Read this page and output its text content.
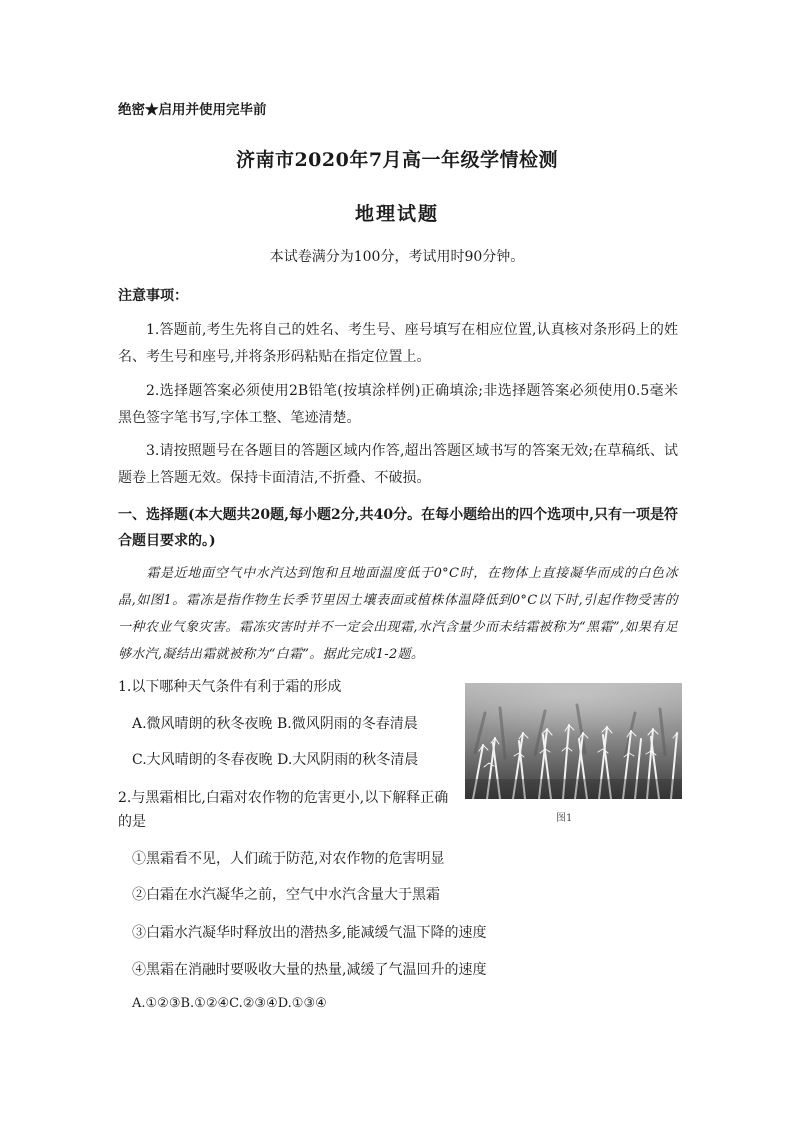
绝密★启用并使用完毕前
济南市2020年7月高一年级学情检测
地理试题
本试卷满分为100分，考试用时90分钟。
注意事项：
1.答题前,考生先将自己的姓名、考生号、座号填写在相应位置,认真核对条形码上的姓名、考生号和座号,并将条形码粘贴在指定位置上。
2.选择题答案必须使用2B铅笔(按填涂样例)正确填涂;非选择题答案必须使用0.5毫米黑色签字笔书写,字体工整、笔迹清楚。
3.请按照题号在各题目的答题区域内作答,超出答题区域书写的答案无效;在草稿纸、试题卷上答题无效。保持卡面清洁,不折叠、不破损。
一、选择题(本大题共20题,每小题2分,共40分。在每小题给出的四个选项中,只有一项是符合题目要求的。)
霜是近地面空气中水汽达到饱和且地面温度低于0°C时，在物体上直接凝华而成的白色冰晶,如图1。霜冻是指作物生长季节里因土壤表面或植株体温降低到0°C以下时,引起作物受害的一种农业气象灾害。霜冻灾害时并不一定会出现霜,水汽含量少而未结霜被称为“黑霜”,如果有足够水汽,凝结出霜就被称为“白霜”。据此完成1-2题。
1.以下哪种天气条件有利于霜的形成
A.微风晴朗的秋冬夜晚 B.微风阴雨的冬春清晨
C.大风晴朗的冬春夜晚 D.大风阴雨的秋冬清晨
2.与黑霜相比,白霜对农作物的危害更小,以下解释正确的是
①黑霜看不见，人们疏于防范,对农作物的危害明显
②白霜在水汽凝华之前，空气中水汽含量大于黑霜
③白霜水汽凝华时释放出的潜热多,能减缓气温下降的速度
④黑霜在消融时要吸收大量的热量,减缓了气温回升的速度
A.①②③B.①②④C.②③④D.①③④
图1
